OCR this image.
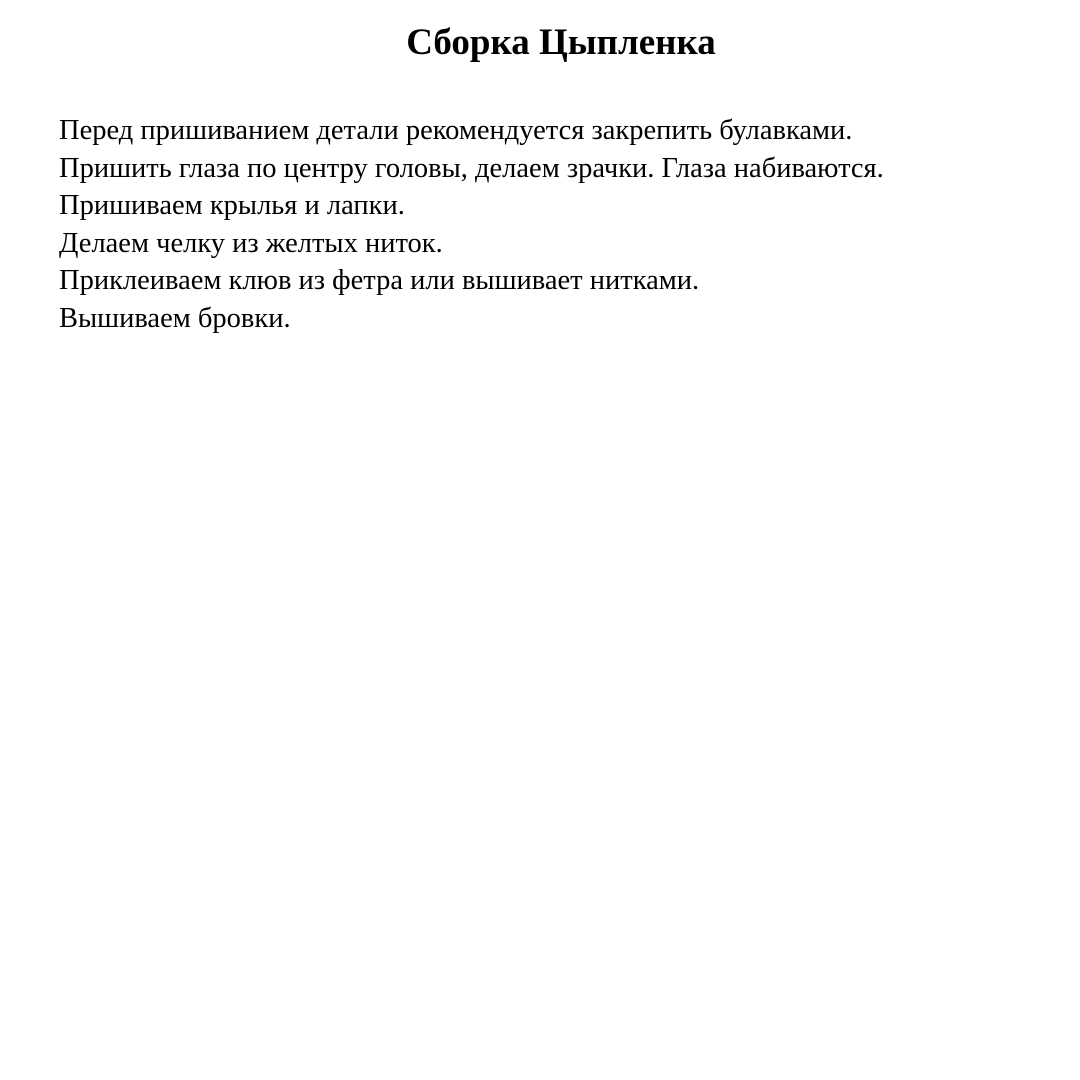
Сборка Цыпленка
Перед пришиванием детали рекомендуется закрепить булавками.
Пришить глаза по центру головы, делаем зрачки. Глаза набиваются.
Пришиваем крылья и лапки.
Делаем челку из желтых ниток.
Приклеиваем клюв из фетра или вышивает нитками.
Вышиваем бровки.
